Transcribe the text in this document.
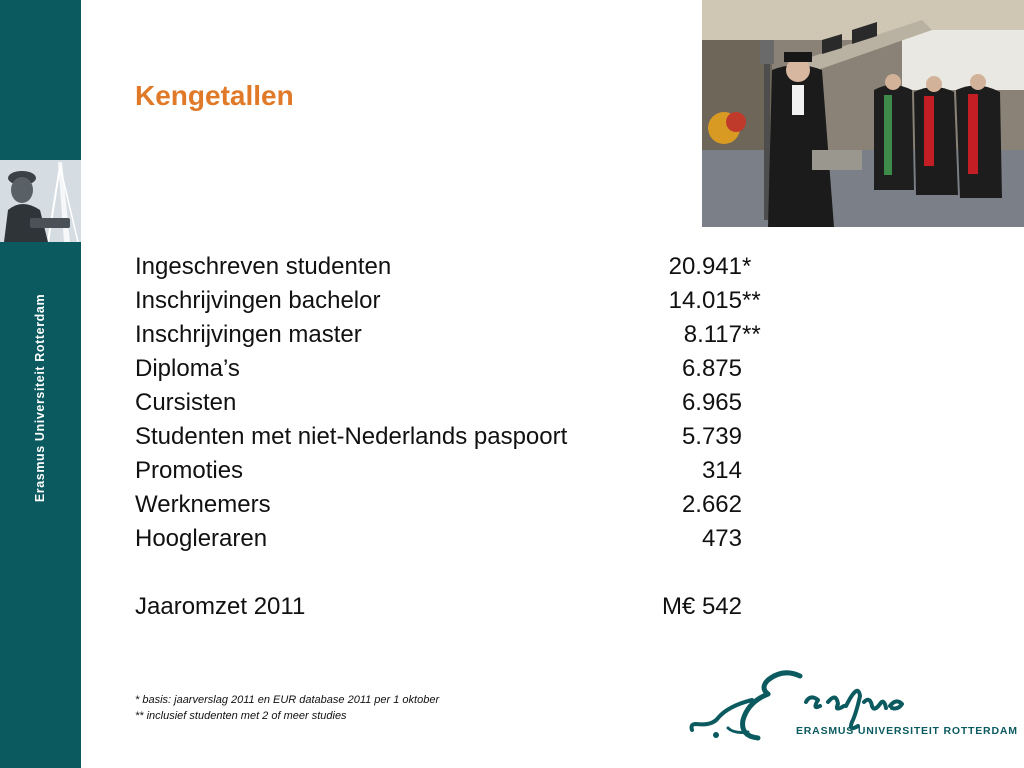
Erasmus Universiteit Rotterdam
Kengetallen
Ingeschreven studenten	20.941*
Inschrijvingen bachelor	14.015**
Inschrijvingen master	8.117**
Diploma’s	6.875
Cursisten	6.965
Studenten met niet-Nederlands paspoort	5.739
Promoties	314
Werknemers	2.662
Hoogleraren	473
Jaaromzet 2011	M€ 542
* basis: jaarverslag 2011 en EUR database 2011 per 1 oktober
** inclusief studenten met 2 of meer studies
ERASMUS UNIVERSITEIT ROTTERDAM
